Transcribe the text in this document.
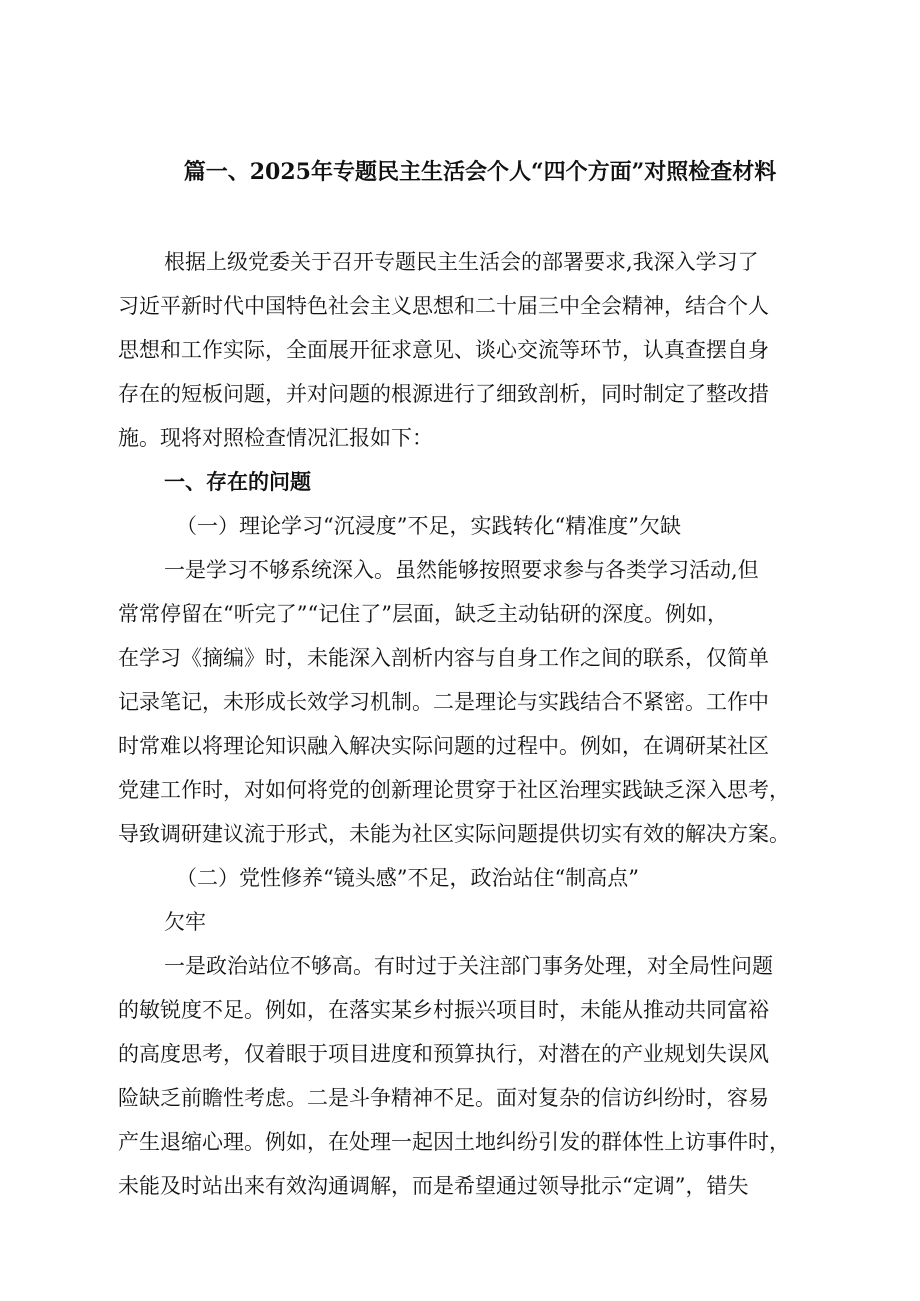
篇一、2025年专题民主生活会个人“四个方面”对照检查材料
根据上级党委关于召开专题民主生活会的部署要求,我深入学习了
习近平新时代中国特色社会主义思想和二十届三中全会精神，结合个人
思想和工作实际，全面展开征求意见、谈心交流等环节，认真查摆自身
存在的短板问题，并对问题的根源进行了细致剖析，同时制定了整改措
施。现将对照检查情况汇报如下：
一、存在的问题
（一）理论学习“沉浸度”不足，实践转化“精准度”欠缺
一是学习不够系统深入。虽然能够按照要求参与各类学习活动,但
常常停留在“听完了”“记住了”层面，缺乏主动钻研的深度。例如，
在学习《摘编》时，未能深入剖析内容与自身工作之间的联系，仅简单
记录笔记，未形成长效学习机制。二是理论与实践结合不紧密。工作中
时常难以将理论知识融入解决实际问题的过程中。例如，在调研某社区
党建工作时，对如何将党的创新理论贯穿于社区治理实践缺乏深入思考，
导致调研建议流于形式，未能为社区实际问题提供切实有效的解决方案。
（二）党性修养“镜头感”不足，政治站住“制高点”
欠牢
一是政治站位不够高。有时过于关注部门事务处理，对全局性问题
的敏锐度不足。例如，在落实某乡村振兴项目时，未能从推动共同富裕
的高度思考，仅着眼于项目进度和预算执行，对潜在的产业规划失误风
险缺乏前瞻性考虑。二是斗争精神不足。面对复杂的信访纠纷时，容易
产生退缩心理。例如，在处理一起因土地纠纷引发的群体性上访事件时，
未能及时站出来有效沟通调解，而是希望通过领导批示“定调”，错失
